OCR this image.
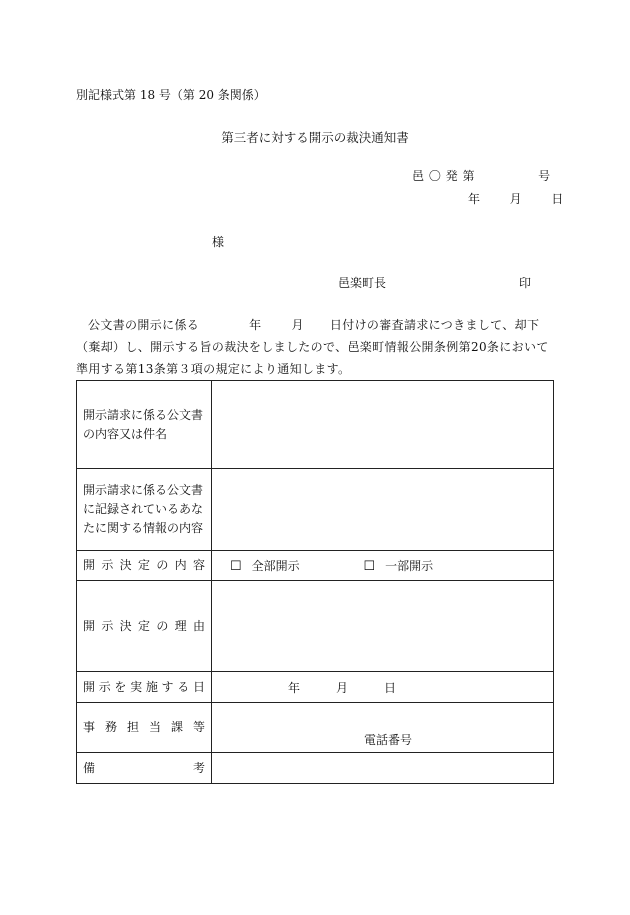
別記様式第 18 号（第 20 条関係）
第三者に対する開示の裁決通知書
邑 〇 発 第	号
年 月 日
様
邑楽町長	印
公文書の開示に係る	年	月 日付けの審査請求につきまして、却下（棄却）し、開示する旨の裁決をしましたので、邑楽町情報公開条例第20条において準用する第13条第３項の規定により通知します。
開示請求に係る公文書の内容又は件名	
開示請求に係る公文書に記録されているあなたに関する情報の内容	
開示決定の内容	☐ 全部開示 ☐ 一部開示
開示決定の理由	
開示を実施する日	年 月 日
事務担当課等	電話番号

備考	
